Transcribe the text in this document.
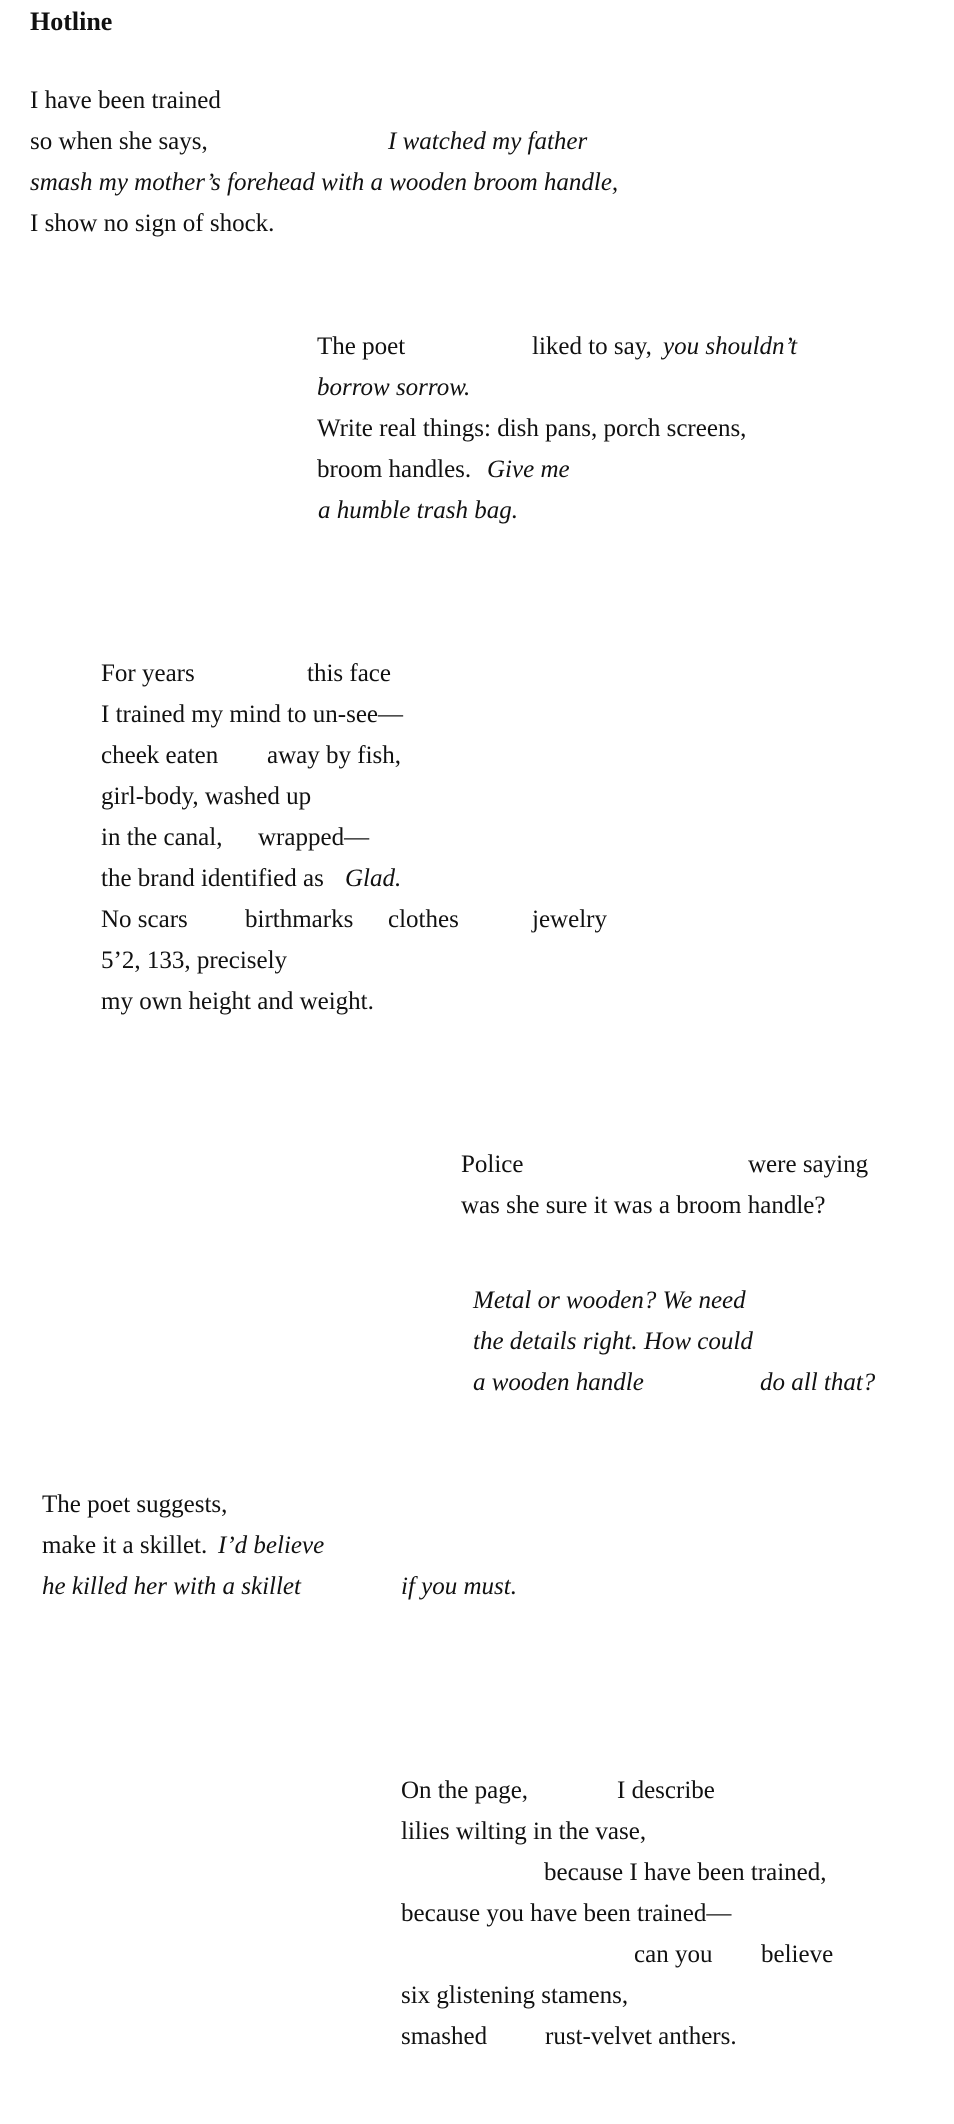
Hotline
I have been trained
so when she says,	I watched my father
smash my mother’s forehead with a wooden broom handle,
I show no sign of shock.
The poet	liked to say, you shouldn’t
borrow sorrow.
Write real things: dish pans, porch screens,
broom handles. Give me
a humble trash bag.
For years	this face
I trained my mind to un-see—
cheek eaten away by fish,
girl-body, washed up
in the canal, wrapped—
the brand identified as Glad.
No scars birthmarks clothes	jewelry
5’2, 133, precisely
my own height and weight.
Police	were saying
was she sure it was a broom handle?
Metal or wooden? We need
the details right. How could
a wooden handle	do all that?
The poet suggests,
make it a skillet. I’d believe
he killed her with a skillet	if you must.
On the page,	I describe
lilies wilting in the vase,
because I have been trained,
because you have been trained—
can you believe
six glistening stamens,
smashed rust-velvet anthers.
